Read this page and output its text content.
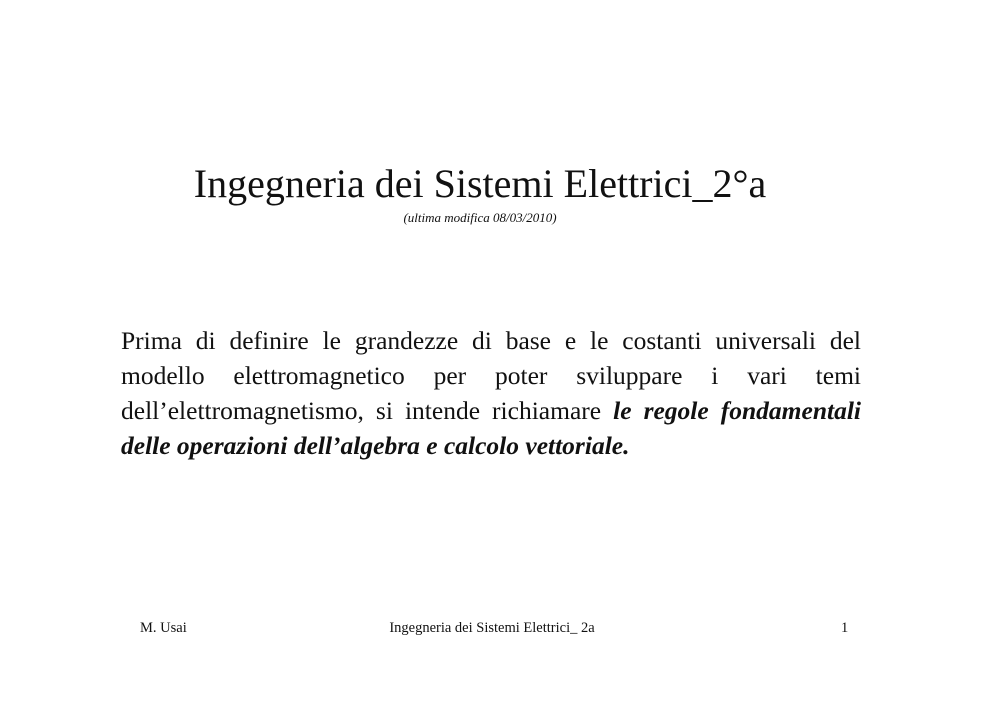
Ingegneria dei Sistemi Elettrici_2°a
(ultima modifica 08/03/2010)
Prima di definire le grandezze di base e le costanti universali del modello elettromagnetico per poter sviluppare i vari temi dell’elettromagnetismo, si intende richiamare le regole fondamentali delle operazioni dell’algebra e calcolo vettoriale.
M. Usai	Ingegneria dei Sistemi Elettrici_ 2a	1
